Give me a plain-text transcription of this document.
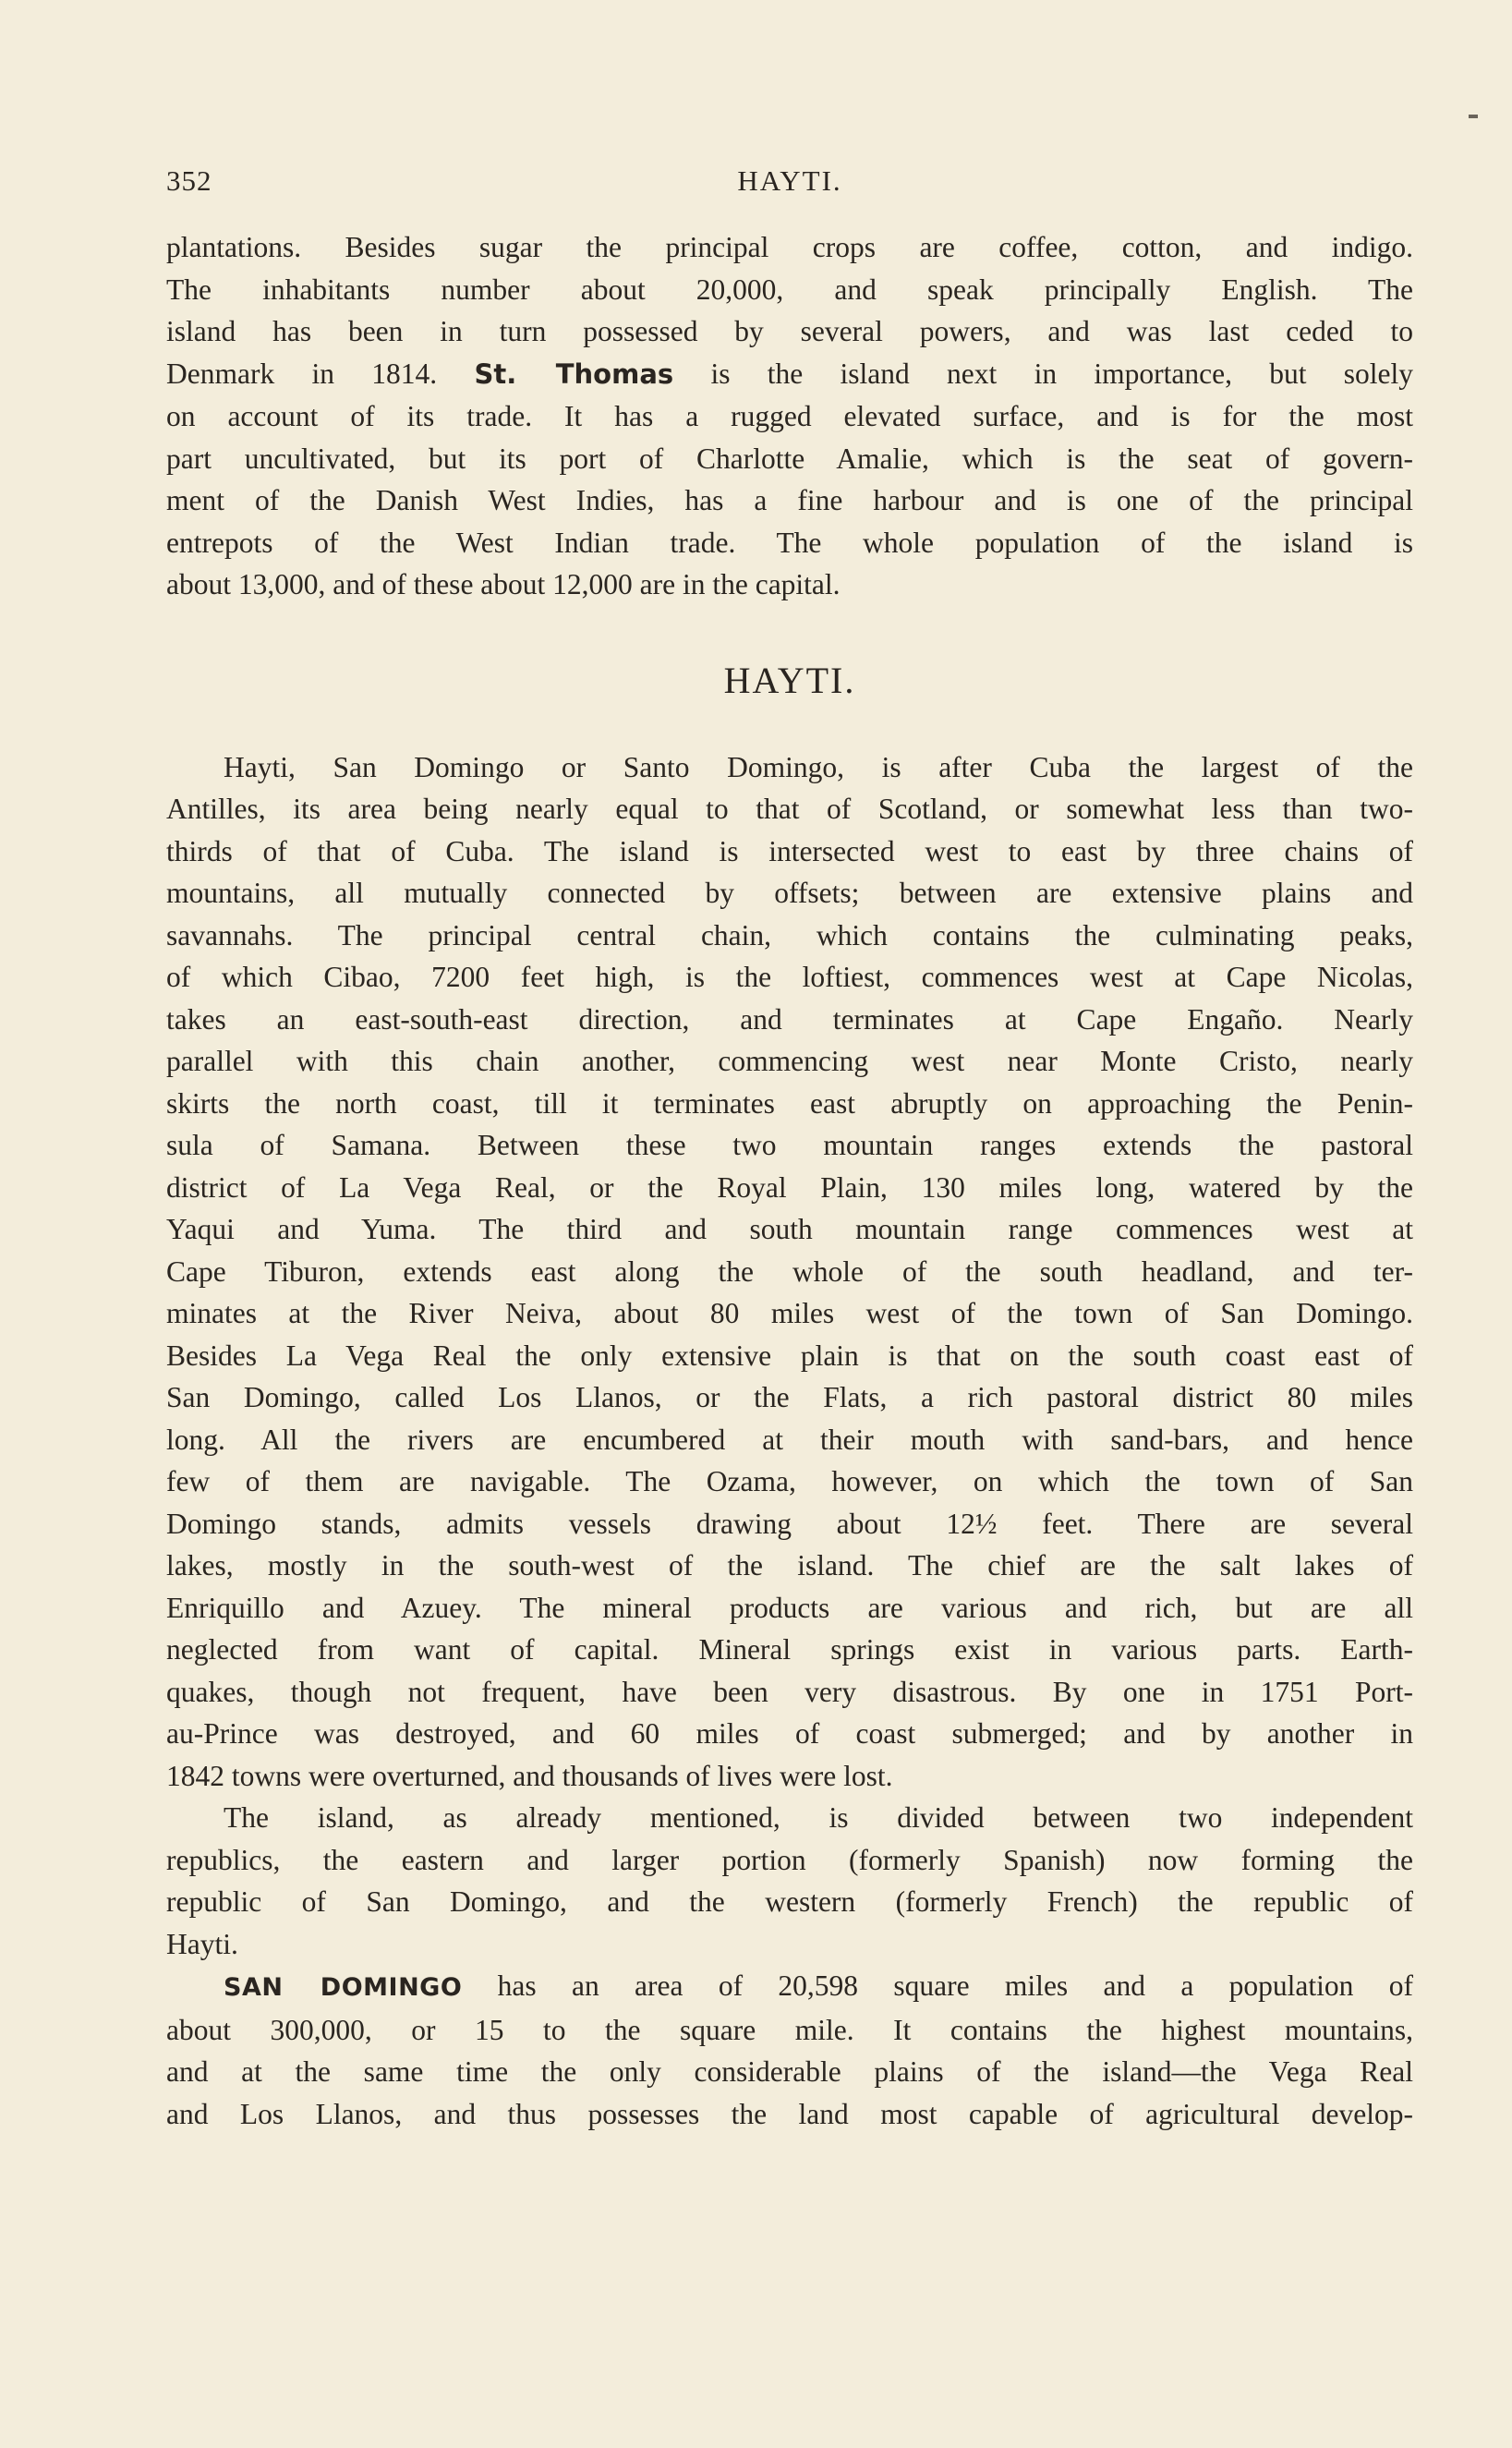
352	HAYTI.
plantations. Besides sugar the principal crops are coffee, cotton, and indigo.
The inhabitants number about 20,000, and speak principally English. The
island has been in turn possessed by several powers, and was last ceded to
Denmark in 1814. St. Thomas is the island next in importance, but solely
on account of its trade. It has a rugged elevated surface, and is for the most
part uncultivated, but its port of Charlotte Amalie, which is the seat of govern-
ment of the Danish West Indies, has a fine harbour and is one of the principal
entrepots of the West Indian trade. The whole population of the island is
about 13,000, and of these about 12,000 are in the capital.
HAYTI.
Hayti, San Domingo or Santo Domingo, is after Cuba the largest of the
Antilles, its area being nearly equal to that of Scotland, or somewhat less than two-
thirds of that of Cuba. The island is intersected west to east by three chains of
mountains, all mutually connected by offsets; between are extensive plains and
savannahs. The principal central chain, which contains the culminating peaks,
of which Cibao, 7200 feet high, is the loftiest, commences west at Cape Nicolas,
takes an east-south-east direction, and terminates at Cape Engaño. Nearly
parallel with this chain another, commencing west near Monte Cristo, nearly
skirts the north coast, till it terminates east abruptly on approaching the Penin-
sula of Samana. Between these two mountain ranges extends the pastoral
district of La Vega Real, or the Royal Plain, 130 miles long, watered by the
Yaqui and Yuma. The third and south mountain range commences west at
Cape Tiburon, extends east along the whole of the south headland, and ter-
minates at the River Neiva, about 80 miles west of the town of San Domingo.
Besides La Vega Real the only extensive plain is that on the south coast east of
San Domingo, called Los Llanos, or the Flats, a rich pastoral district 80 miles
long. All the rivers are encumbered at their mouth with sand-bars, and hence
few of them are navigable. The Ozama, however, on which the town of San
Domingo stands, admits vessels drawing about 12½ feet. There are several
lakes, mostly in the south-west of the island. The chief are the salt lakes of
Enriquillo and Azuey. The mineral products are various and rich, but are all
neglected from want of capital. Mineral springs exist in various parts. Earth-
quakes, though not frequent, have been very disastrous. By one in 1751 Port-
au-Prince was destroyed, and 60 miles of coast submerged; and by another in
1842 towns were overturned, and thousands of lives were lost.
The island, as already mentioned, is divided between two independent
republics, the eastern and larger portion (formerly Spanish) now forming the
republic of San Domingo, and the western (formerly French) the republic of
Hayti.
SAN DOMINGO has an area of 20,598 square miles and a population of
about 300,000, or 15 to the square mile. It contains the highest mountains,
and at the same time the only considerable plains of the island—the Vega Real
and Los Llanos, and thus possesses the land most capable of agricultural develop-
